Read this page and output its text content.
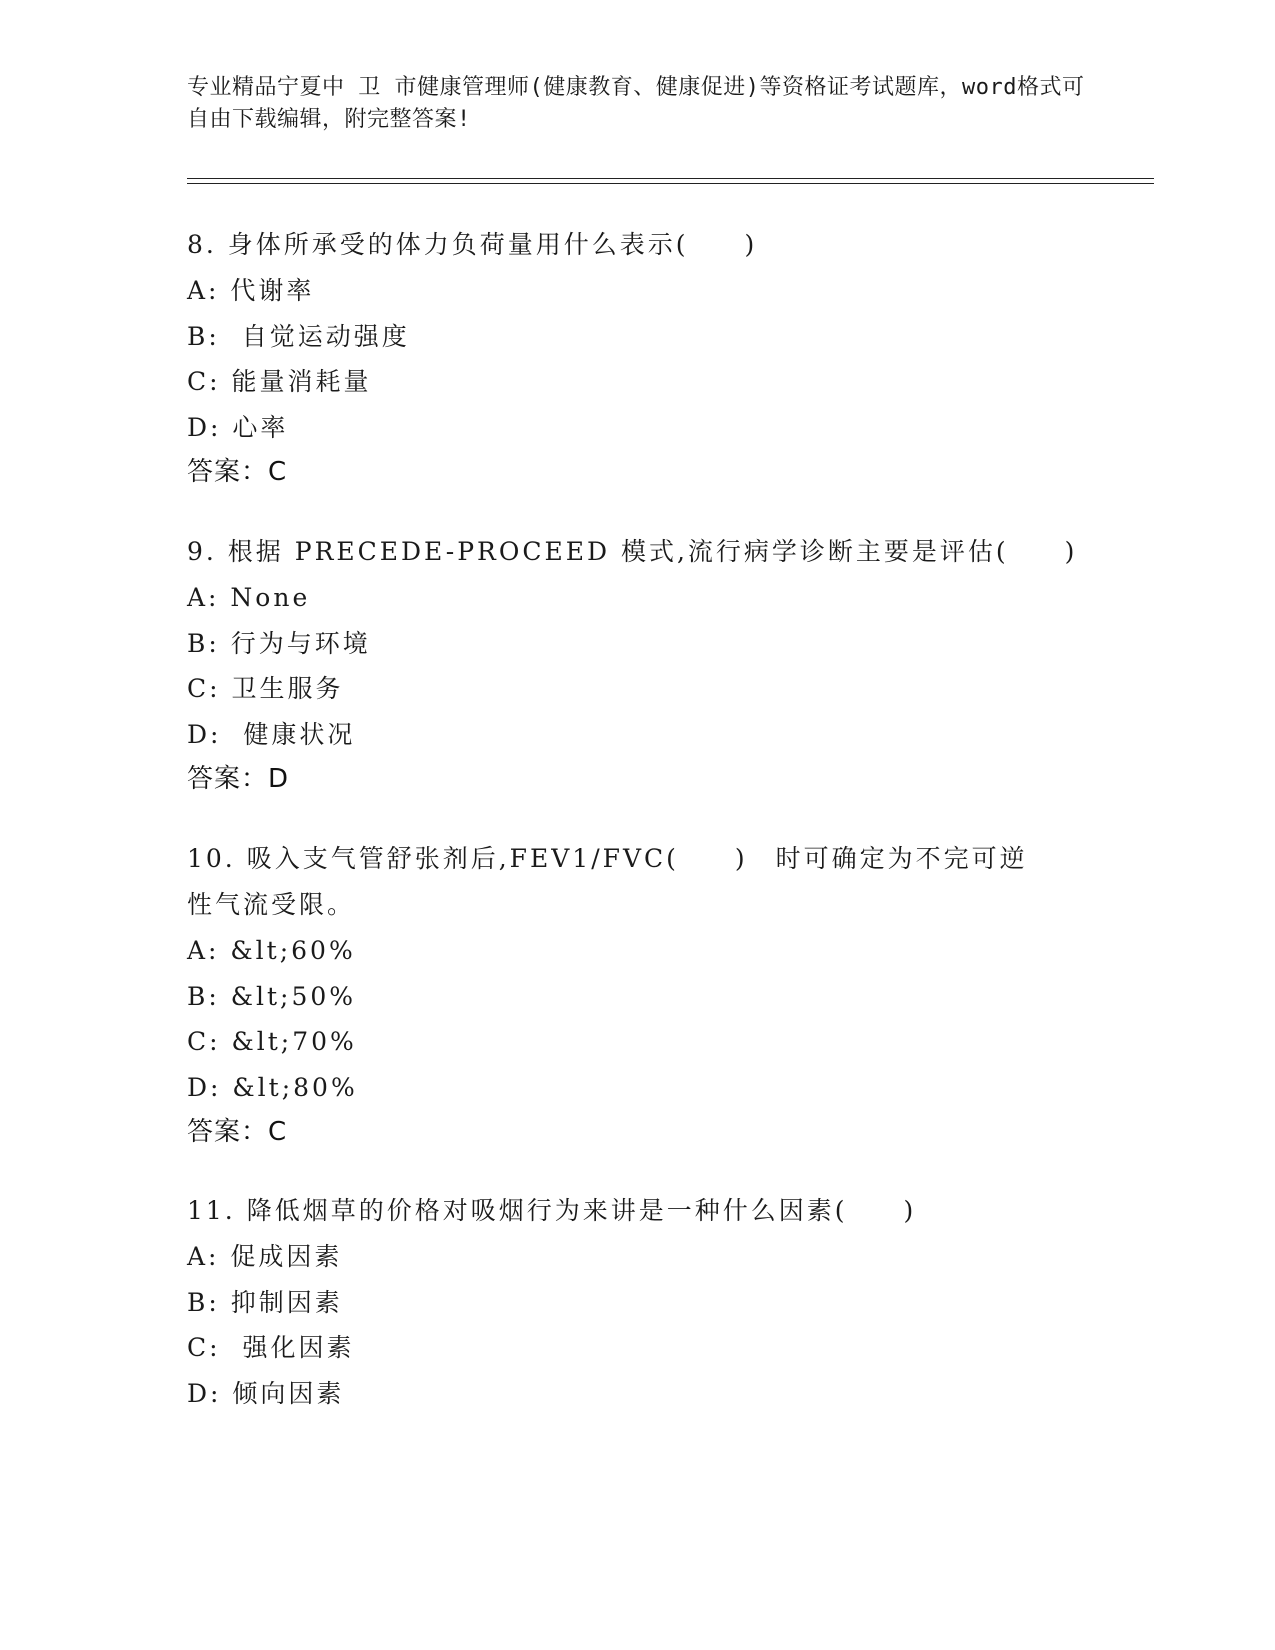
专业精品宁夏中 卫 市健康管理师(健康教育、健康促进)等资格证考试题库，word格式可自由下载编辑，附完整答案!

8. 身体所承受的体力负荷量用什么表示(　　)

A: 代谢率

B:  自觉运动强度

C: 能量消耗量

D: 心率

答案：C

9. 根据 PRECEDE-PROCEED 模式,流行病学诊断主要是评估(　　)

A: None

B: 行为与环境

C: 卫生服务

D:  健康状况

答案：D

10. 吸入支气管舒张剂后,FEV1/FVC(　　)　时可确定为不完可逆性气流受限。

A: &lt;60%

B: &lt;50%

C: &lt;70%

D: &lt;80%

答案：C

11. 降低烟草的价格对吸烟行为来讲是一种什么因素(　　)

A: 促成因素

B: 抑制因素

C:  强化因素

D: 倾向因素
